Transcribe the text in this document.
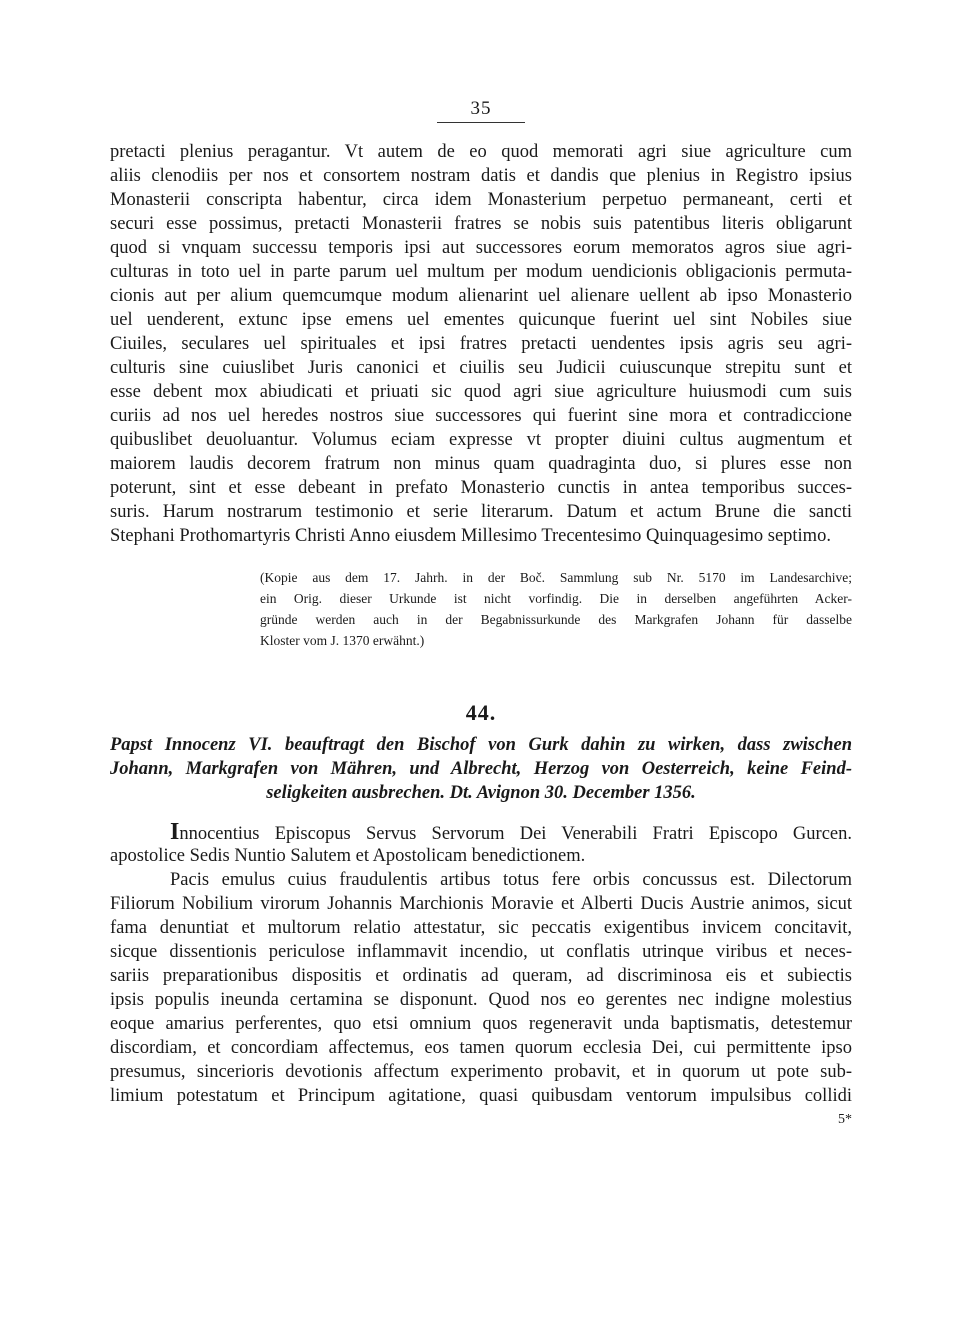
35
pretacti plenius peragantur. Vt autem de eo quod memorati agri siue agriculture cum
aliis clenodiis per nos et consortem nostram datis et dandis que plenius in Registro ipsius
Monasterii conscripta habentur, circa idem Monasterium perpetuo permaneant, certi et
securi esse possimus, pretacti Monasterii fratres se nobis suis patentibus literis obligarunt
quod si vnquam successu temporis ipsi aut successores eorum memoratos agros siue agri-
culturas in toto uel in parte parum uel multum per modum uendicionis obligacionis permuta-
cionis aut per alium quemcumque modum alienarint uel alienare uellent ab ipso Monasterio
uel uenderent, extunc ipse emens uel ementes quicunque fuerint uel sint Nobiles siue
Ciuiles, seculares uel spirituales et ipsi fratres pretacti uendentes ipsis agris seu agri-
culturis sine cuiuslibet Juris canonici et ciuilis seu Judicii cuiuscunque strepitu sunt et
esse debent mox abiudicati et priuati sic quod agri siue agriculture huiusmodi cum suis
curiis ad nos uel heredes nostros siue successores qui fuerint sine mora et contradiccione
quibuslibet deuoluantur. Volumus eciam expresse vt propter diuini cultus augmentum et
maiorem laudis decorem fratrum non minus quam quadraginta duo, si plures esse non
poterunt, sint et esse debeant in prefato Monasterio cunctis in antea temporibus succes-
suris. Harum nostrarum testimonio et serie literarum. Datum et actum Brune die sancti
Stephani Prothomartyris Christi Anno eiusdem Millesimo Trecentesimo Quinquagesimo septimo.
(Kopie aus dem 17. Jahrh. in der Boč. Sammlung sub Nr. 5170 im Landesarchive;
ein Orig. dieser Urkunde ist nicht vorfindig. Die in derselben angeführten Acker-
gründe werden auch in der Begabnissurkunde des Markgrafen Johann für dasselbe
Kloster vom J. 1370 erwähnt.)
44.
Papst Innocenz VI. beauftragt den Bischof von Gurk dahin zu wirken, dass zwischen
Johann, Markgrafen von Mähren, und Albrecht, Herzog von Oesterreich, keine Feind-
seligkeiten ausbrechen. Dt. Avignon 30. December 1356.
Innocentius Episcopus Servus Servorum Dei Venerabili Fratri Episcopo Gurcen.
apostolice Sedis Nuntio Salutem et Apostolicam benedictionem.
Pacis emulus cuius fraudulentis artibus totus fere orbis concussus est. Dilectorum
Filiorum Nobilium virorum Johannis Marchionis Moravie et Alberti Ducis Austrie animos, sicut
fama denuntiat et multorum relatio attestatur, sic peccatis exigentibus invicem concitavit,
sicque dissentionis periculose inflammavit incendio, ut conflatis utrinque viribus et neces-
sariis preparationibus dispositis et ordinatis ad queram, ad discriminosa eis et subiectis
ipsis populis ineunda certamina se disponunt. Quod nos eo gerentes nec indigne molestius
eoque amarius perferentes, quo etsi omnium quos regeneravit unda baptismatis, detestemur
discordiam, et concordiam affectemus, eos tamen quorum ecclesia Dei, cui permittente ipso
presumus, sincerioris devotionis affectum experimento probavit, et in quorum ut pote sub-
limium potestatum et Principum agitatione, quasi quibusdam ventorum impulsibus collidi
5*
